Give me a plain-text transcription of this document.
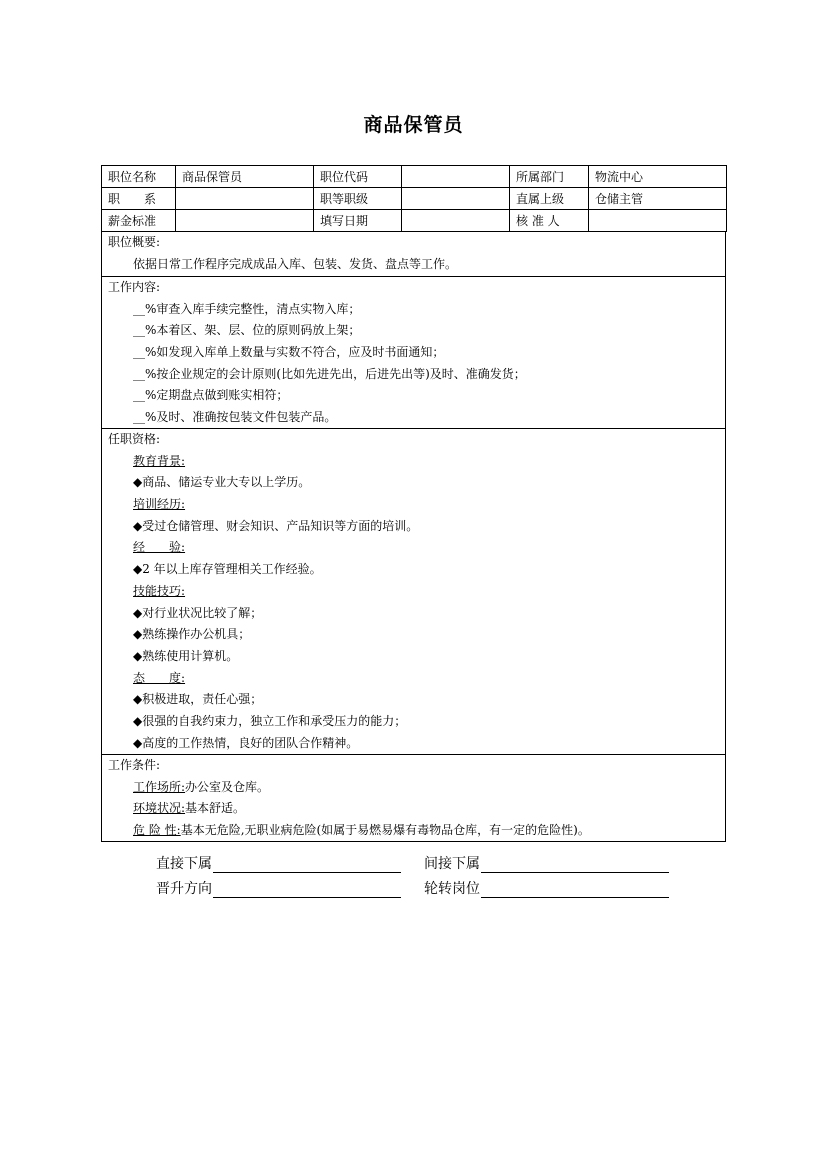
商品保管员
职位名称	商品保管员	职位代码		所属部门	物流中心
职　　系		职等职级		直属上级	仓储主管
薪金标准		填写日期		核 准 人	
职位概要:
依据日常工作程序完成成品入库、包装、发货、盘点等工作。
工作内容:
__%审查入库手续完整性，清点实物入库；
__%本着区、架、层、位的原则码放上架；
__%如发现入库单上数量与实数不符合，应及时书面通知；
__%按企业规定的会计原则(比如先进先出，后进先出等)及时、准确发货；
__%定期盘点做到账实相符；
__%及时、准确按包装文件包装产品。
任职资格:
教育背景:
◆商品、储运专业大专以上学历。
培训经历:
◆受过仓储管理、财会知识、产品知识等方面的培训。
经　　验:
◆2 年以上库存管理相关工作经验。
技能技巧:
◆对行业状况比较了解；
◆熟练操作办公机具；
◆熟练使用计算机。
态　　度:
◆积极进取，责任心强；
◆很强的自我约束力，独立工作和承受压力的能力；
◆高度的工作热情，良好的团队合作精神。
工作条件:
工作场所:办公室及仓库。
环境状况:基本舒适。
危 险 性:基本无危险,无职业病危险(如属于易燃易爆有毒物品仓库，有一定的危险性)。
直接下属	间接下属
晋升方向	轮转岗位
